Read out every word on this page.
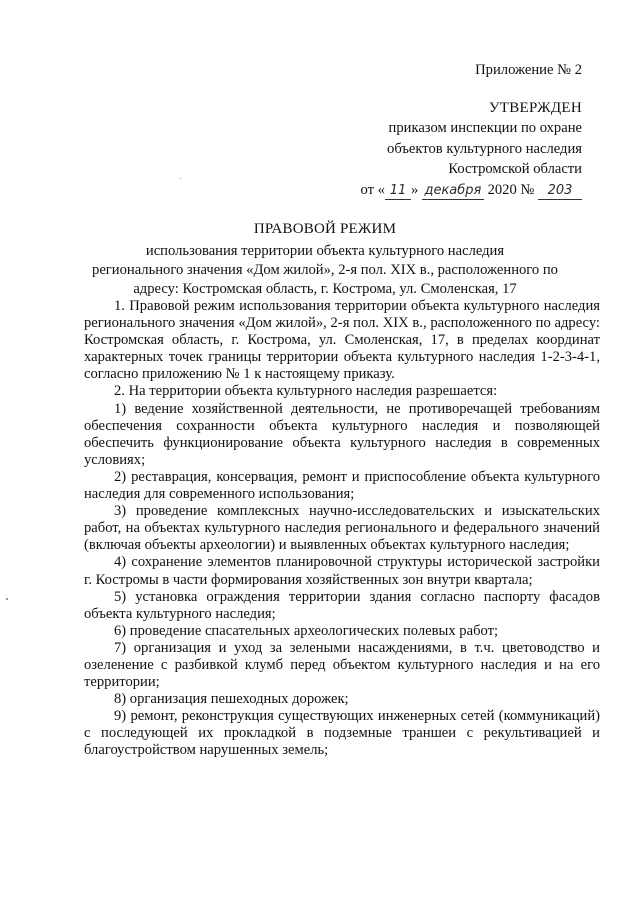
Приложение № 2
УТВЕРЖДЕН
приказом инспекции по охране
объектов культурного наследия
Костромской области
от « 11 »
декабря
2020 №
	203
ПРАВОВОЙ РЕЖИМ
использования территории объекта культурного наследия
регионального значения «Дом жилой», 2-я пол. XIX в., расположенного по
адресу: Костромская область, г. Кострома, ул. Смоленская, 17

1. Правовой режим использования территории объекта культурного наследия регионального значения «Дом жилой», 2-я пол. XIX в., расположенного по адресу: Костромская область, г. Кострома, ул. Смоленская, 17, в пределах координат характерных точек границы территории объекта культурного наследия 1-2-3-4-1, согласно приложению № 1 к настоящему приказу.

2. На территории объекта культурного наследия разрешается:

1) ведение хозяйственной деятельности, не противоречащей требованиям обеспечения сохранности объекта культурного наследия и позволяющей обеспечить функционирование объекта культурного наследия в современных условиях;

2) реставрация, консервация, ремонт и приспособление объекта культурного наследия для современного использования;

3) проведение комплексных научно-исследовательских и изыскательских работ, на объектах культурного наследия регионального и федерального значений (включая объекты археологии) и выявленных объектах культурного наследия;

4) сохранение элементов планировочной структуры исторической застройки г. Костромы в части формирования хозяйственных зон внутри квартала;

5) установка ограждения территории здания согласно паспорту фасадов объекта культурного наследия;

6) проведение спасательных археологических полевых работ;

7) организация и уход за зелеными насаждениями, в т.ч. цветоводство и озеленение с разбивкой клумб перед объектом культурного наследия и на его территории;

8) организация пешеходных дорожек;

9) ремонт, реконструкция существующих инженерных сетей (коммуникаций) с последующей их прокладкой в подземные траншеи с рекультивацией и благоустройством нарушенных земель;
